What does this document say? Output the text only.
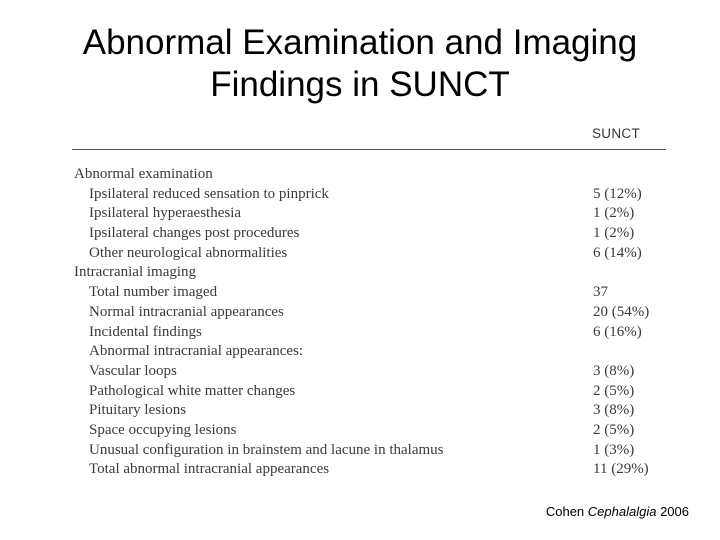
Abnormal Examination and Imaging
Findings in SUNCT
SUNCT
Abnormal examination
Ipsilateral reduced sensation to pinprick	5 (12%)
Ipsilateral hyperaesthesia	1 (2%)
Ipsilateral changes post procedures	1 (2%)
Other neurological abnormalities	6 (14%)
Intracranial imaging
Total number imaged	37
Normal intracranial appearances	20 (54%)
Incidental findings	6 (16%)
Abnormal intracranial appearances:
Vascular loops	3 (8%)
Pathological white matter changes	2 (5%)
Pituitary lesions	3 (8%)
Space occupying lesions	2 (5%)
Unusual configuration in brainstem and lacune in thalamus	1 (3%)
Total abnormal intracranial appearances	11 (29%)
Cohen Cephalalgia 2006
